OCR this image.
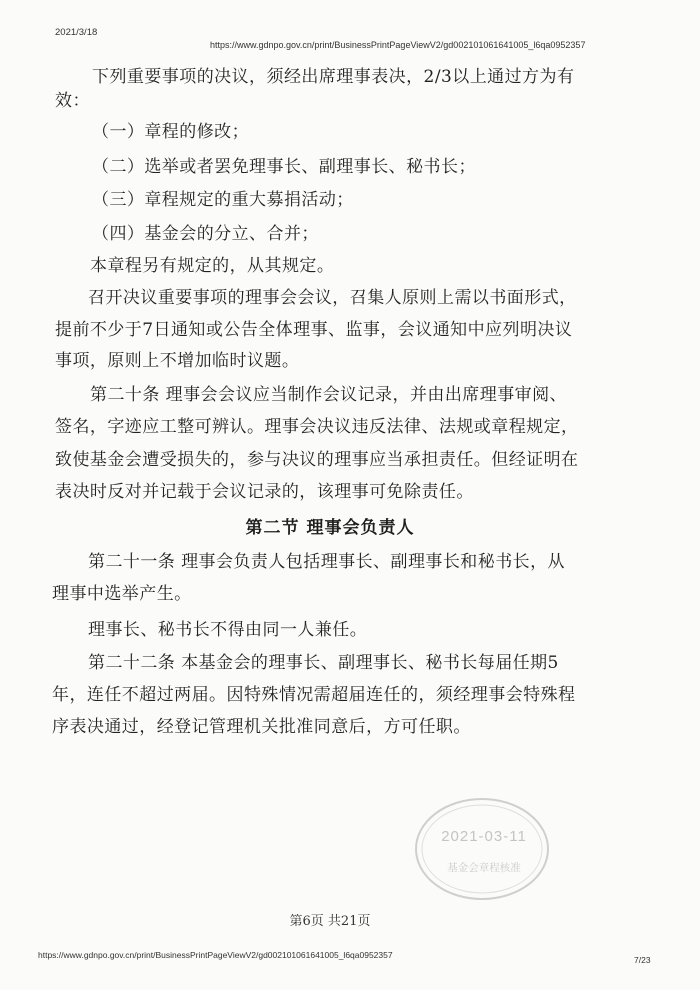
2021/3/18
https://www.gdnpo.gov.cn/print/BusinessPrintPageViewV2/gd002101061641005_l6qa0952357
下列重要事项的决议，须经出席理事表决，2/3以上通过方为有
效：
（一）章程的修改；
（二）选举或者罢免理事长、副理事长、秘书长；
（三）章程规定的重大募捐活动；
（四）基金会的分立、合并；
本章程另有规定的，从其规定。
召开决议重要事项的理事会会议，召集人原则上需以书面形式，
提前不少于7日通知或公告全体理事、监事，会议通知中应列明决议
事项，原则上不增加临时议题。
第二十条 理事会会议应当制作会议记录，并由出席理事审阅、
签名，字迹应工整可辨认。理事会决议违反法律、法规或章程规定，
致使基金会遭受损失的，参与决议的理事应当承担责任。但经证明在
表决时反对并记载于会议记录的，该理事可免除责任。
第二节 理事会负责人
第二十一条 理事会负责人包括理事长、副理事长和秘书长，从
理事中选举产生。
理事长、秘书长不得由同一人兼任。
第二十二条 本基金会的理事长、副理事长、秘书长每届任期5
年，连任不超过两届。因特殊情况需超届连任的，须经理事会特殊程
序表决通过，经登记管理机关批准同意后，方可任职。
2021-03-11
基金会章程核准
第6页 共21页
https://www.gdnpo.gov.cn/print/BusinessPrintPageViewV2/gd002101061641005_l6qa0952357	7/23
